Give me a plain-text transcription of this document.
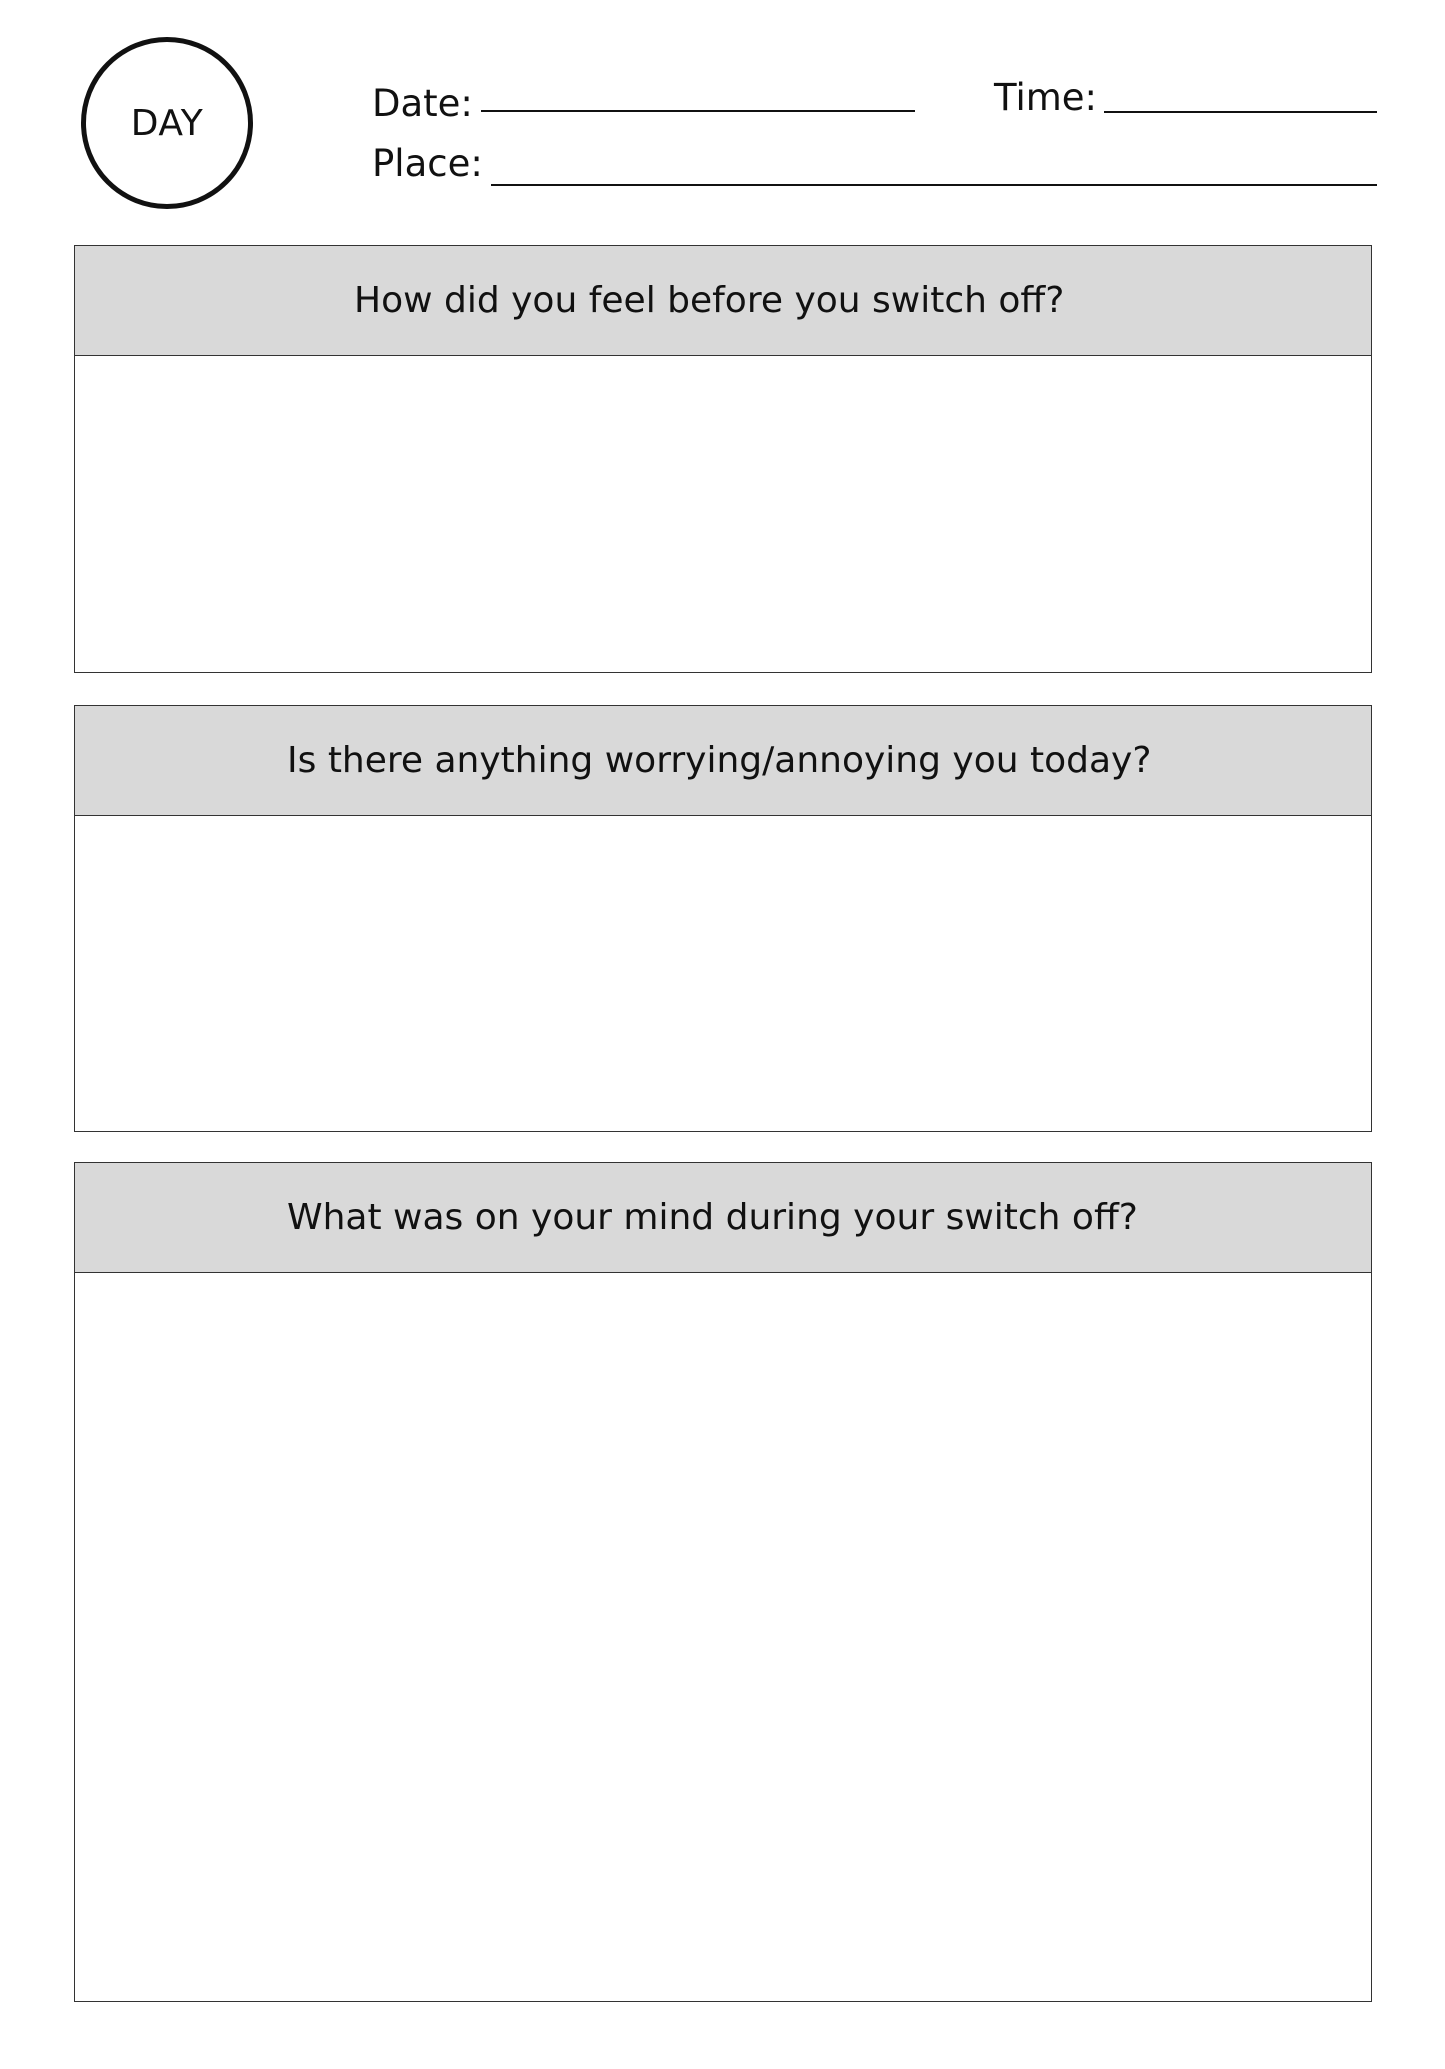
DAY	Date:	Time:
Place:
How did you feel before you switch off?
Is there anything worrying/annoying you today?
What was on your mind during your switch off?
